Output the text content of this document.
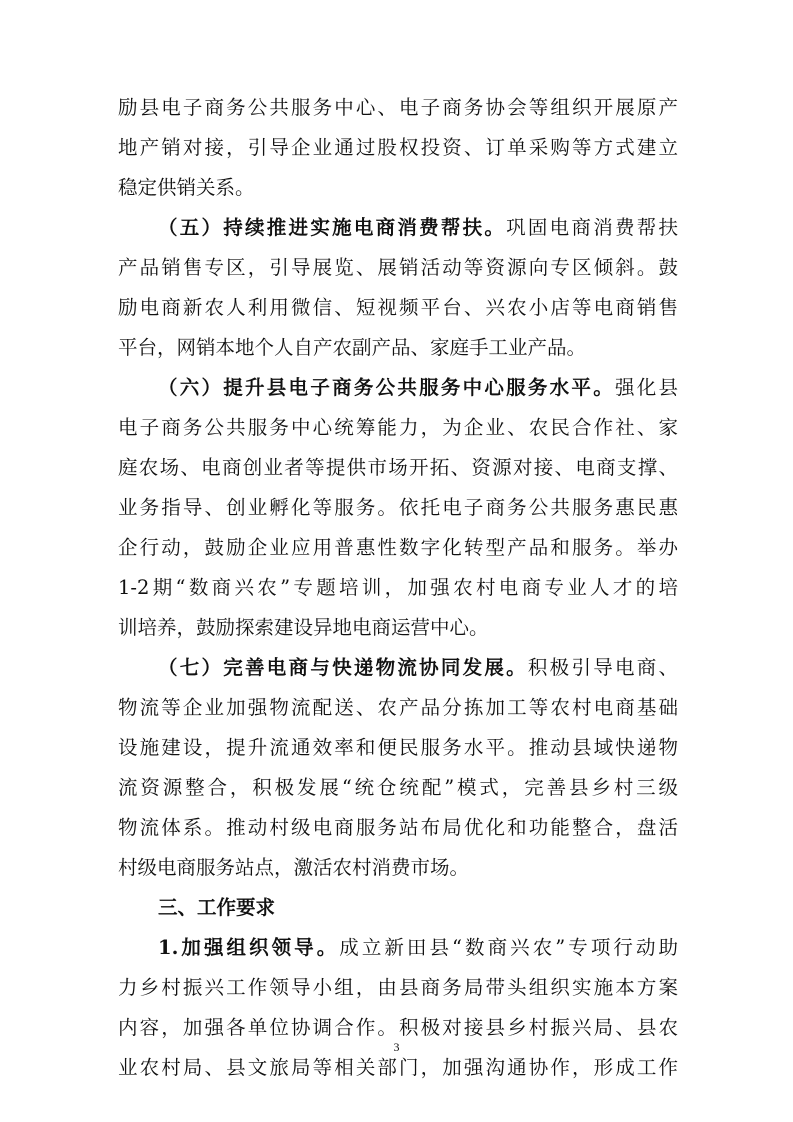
励县电子商务公共服务中心、电子商务协会等组织开展原产
地产销对接，引导企业通过股权投资、订单采购等方式建立
稳定供销关系。
（五）持续推进实施电商消费帮扶。巩固电商消费帮扶
产品销售专区，引导展览、展销活动等资源向专区倾斜。鼓
励电商新农人利用微信、短视频平台、兴农小店等电商销售
平台，网销本地个人自产农副产品、家庭手工业产品。
（六）提升县电子商务公共服务中心服务水平。强化县
电子商务公共服务中心统筹能力，为企业、农民合作社、家
庭农场、电商创业者等提供市场开拓、资源对接、电商支撑、
业务指导、创业孵化等服务。依托电子商务公共服务惠民惠
企行动，鼓励企业应用普惠性数字化转型产品和服务。举办
1-2期“数商兴农”专题培训，加强农村电商专业人才的培
训培养，鼓励探索建设异地电商运营中心。
（七）完善电商与快递物流协同发展。积极引导电商、
物流等企业加强物流配送、农产品分拣加工等农村电商基础
设施建设，提升流通效率和便民服务水平。推动县域快递物
流资源整合，积极发展“统仓统配”模式，完善县乡村三级
物流体系。推动村级电商服务站布局优化和功能整合，盘活
村级电商服务站点，激活农村消费市场。
三、工作要求
1.加强组织领导。成立新田县“数商兴农”专项行动助
力乡村振兴工作领导小组，由县商务局带头组织实施本方案
内容，加强各单位协调合作。积极对接县乡村振兴局、县农
业农村局、县文旅局等相关部门，加强沟通协作，形成工作
3
